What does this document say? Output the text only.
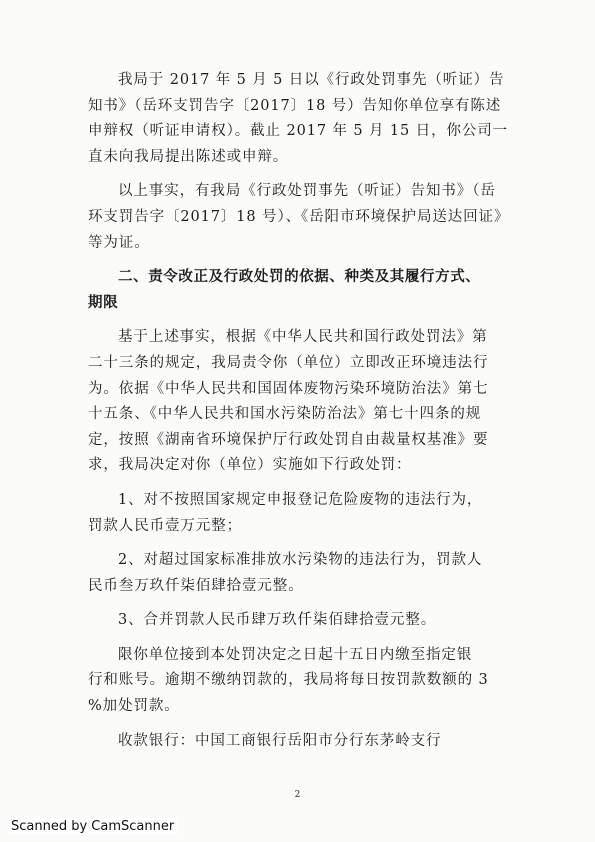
我局于 2017 年 5 月 5 日以《行政处罚事先（听证）告
知书》（岳环支罚告字〔2017〕18 号）告知你单位享有陈述
申辩权（听证申请权）。截止 2017 年 5 月 15 日，你公司一
直未向我局提出陈述或申辩。
以上事实，有我局《行政处罚事先（听证）告知书》（岳
环支罚告字〔2017〕18 号）、《岳阳市环境保护局送达回证》
等为证。
二、责令改正及行政处罚的依据、种类及其履行方式、
期限
基于上述事实，根据《中华人民共和国行政处罚法》第
二十三条的规定，我局责令你（单位）立即改正环境违法行
为。依据《中华人民共和国固体废物污染环境防治法》第七
十五条、《中华人民共和国水污染防治法》第七十四条的规
定，按照《湖南省环境保护厅行政处罚自由裁量权基准》要
求，我局决定对你（单位）实施如下行政处罚：
1、对不按照国家规定申报登记危险废物的违法行为，
罚款人民币壹万元整；
2、对超过国家标准排放水污染物的违法行为，罚款人
民币叁万玖仟柒佰肆拾壹元整。
3、合并罚款人民币肆万玖仟柒佰肆拾壹元整。
限你单位接到本处罚决定之日起十五日内缴至指定银
行和账号。逾期不缴纳罚款的，我局将每日按罚款数额的 3
%加处罚款。
收款银行：中国工商银行岳阳市分行东茅岭支行
2
Scanned by CamScanner
